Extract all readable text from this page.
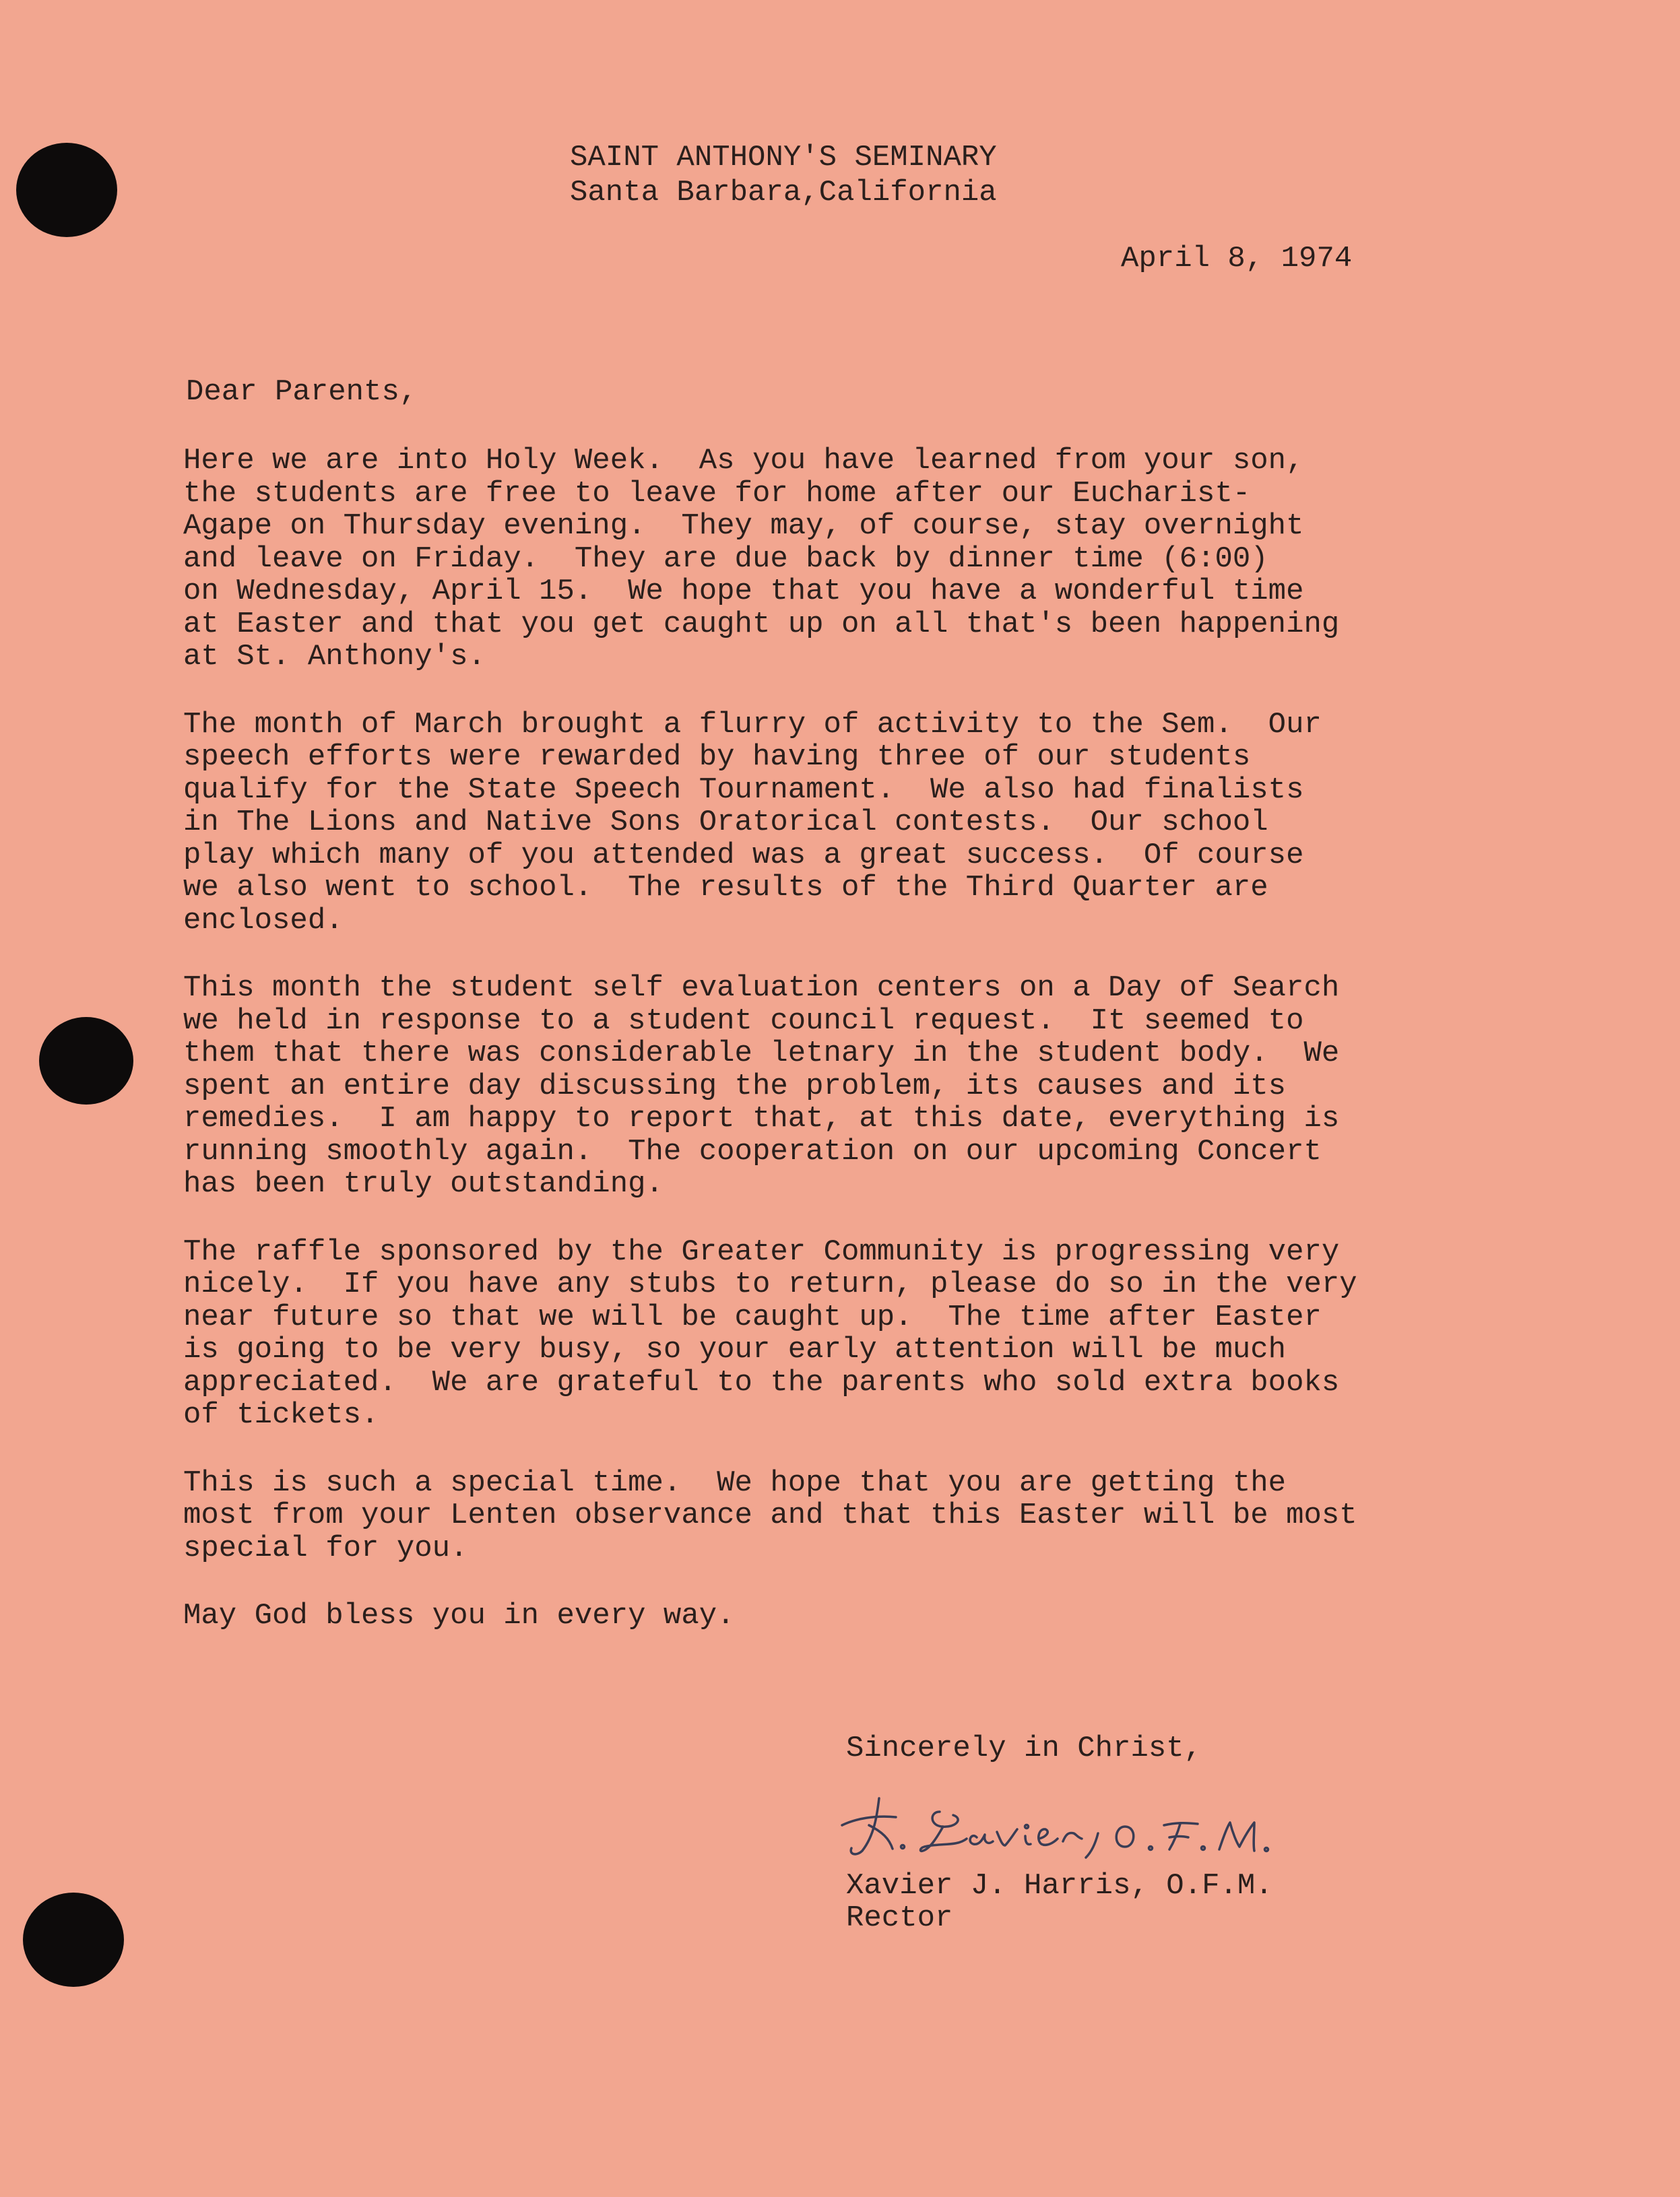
SAINT ANTHONY'S SEMINARY
Santa Barbara,California
April 8, 1974
Dear Parents,

Here we are into Holy Week.  As you have learned from your son,
the students are free to leave for home after our Eucharist-
Agape on Thursday evening.  They may, of course, stay overnight
and leave on Friday.  They are due back by dinner time (6:00)
on Wednesday, April 15.  We hope that you have a wonderful time
at Easter and that you get caught up on all that's been happening
at St. Anthony's.

The month of March brought a flurry of activity to the Sem.  Our
speech efforts were rewarded by having three of our students
qualify for the State Speech Tournament.  We also had finalists
in The Lions and Native Sons Oratorical contests.  Our school
play which many of you attended was a great success.  Of course
we also went to school.  The results of the Third Quarter are
enclosed.

This month the student self evaluation centers on a Day of Search
we held in response to a student council request.  It seemed to
them that there was considerable letnary in the student body.  We
spent an entire day discussing the problem, its causes and its
remedies.  I am happy to report that, at this date, everything is
running smoothly again.  The cooperation on our upcoming Concert
has been truly outstanding.

The raffle sponsored by the Greater Community is progressing very
nicely.  If you have any stubs to return, please do so in the very
near future so that we will be caught up.  The time after Easter
is going to be very busy, so your early attention will be much
appreciated.  We are grateful to the parents who sold extra books
of tickets.

This is such a special time.  We hope that you are getting the
most from your Lenten observance and that this Easter will be most
special for you.

May God bless you in every way.

Sincerely in Christ,
Xavier J. Harris, O.F.M.
Rector
